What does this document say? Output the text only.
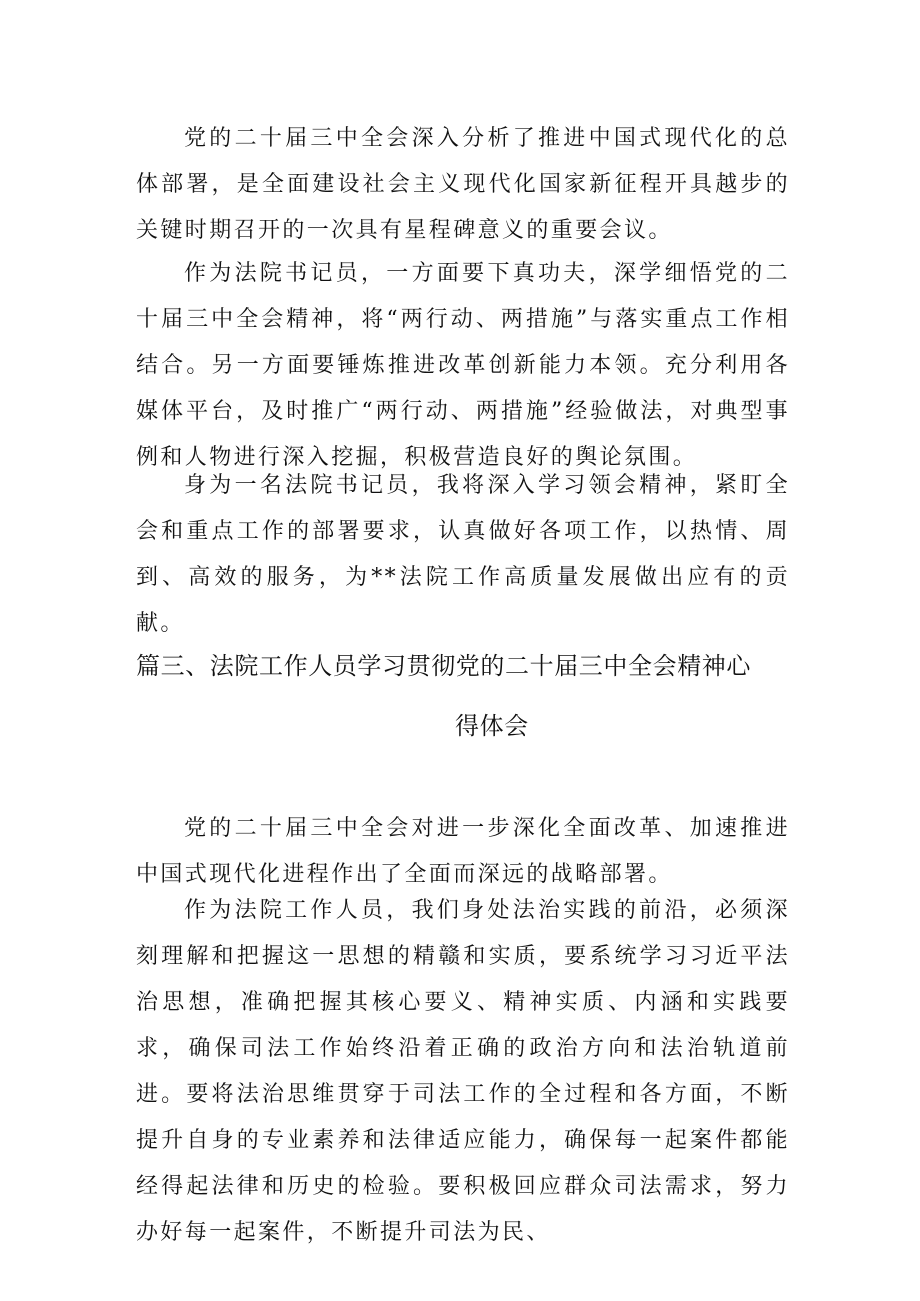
党的二十届三中全会深入分析了推进中国式现代化的总体部署，是全面建设社会主义现代化国家新征程开具越步的关键时期召开的一次具有星程碑意义的重要会议。

作为法院书记员，一方面要下真功夫，深学细悟党的二十届三中全会精神，将“两行动、两措施”与落实重点工作相结合。另一方面要锤炼推进改革创新能力本领。充分利用各媒体平台，及时推广“两行动、两措施”经验做法，对典型事例和人物进行深入挖掘，积极营造良好的舆论氛围。

身为一名法院书记员，我将深入学习领会精神，紧盯全会和重点工作的部署要求，认真做好各项工作，以热情、周到、高效的服务，为**法院工作高质量发展做出应有的贡献。

篇三、法院工作人员学习贯彻党的二十届三中全会精神心
得体会

党的二十届三中全会对进一步深化全面改革、加速推进中国式现代化进程作出了全面而深远的战略部署。

作为法院工作人员，我们身处法治实践的前沿，必须深刻理解和把握这一思想的精赣和实质，要系统学习习近平法治思想，准确把握其核心要义、精神实质、内涵和实践要求，确保司法工作始终沿着正确的政治方向和法治轨道前进。要将法治思维贯穿于司法工作的全过程和各方面，不断提升自身的专业素养和法律适应能力，确保每一起案件都能经得起法律和历史的检验。要积极回应群众司法需求，努力办好每一起案件，不断提升司法为民、
